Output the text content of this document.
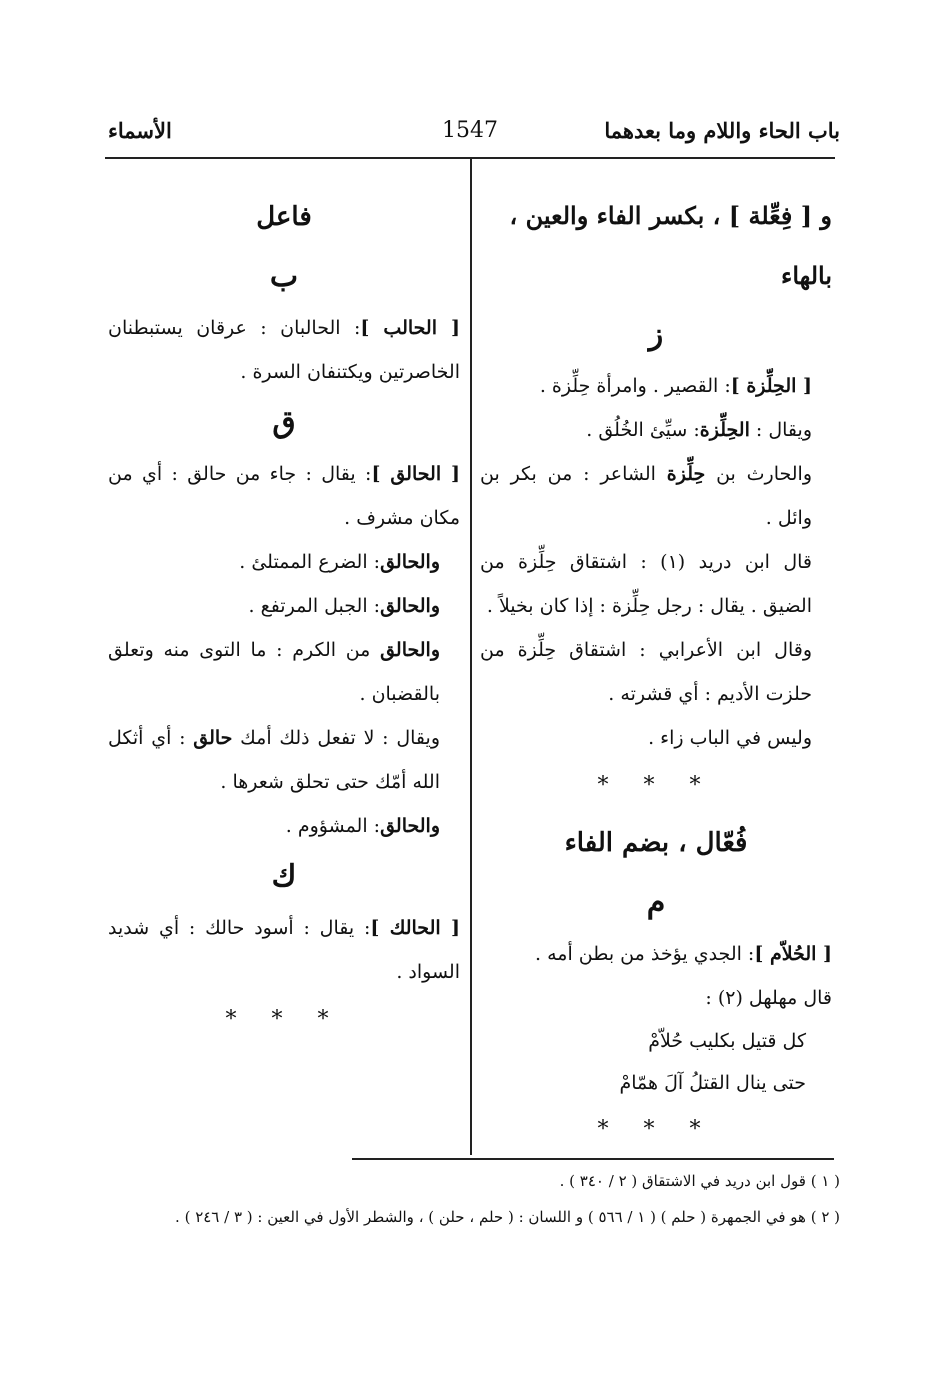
باب الحاء واللام وما بعدهما
1547
الأسماء
و [ فِعِّلة ] ، بكسر الفاء والعين ، بالهاء
ز

[ الحِلِّزة ]: القصير . وامرأة حِلِّزة .

ويقال : الحِلِّزة: سيِّئ الخُلُق .

والحارث بن حِلِّزة الشاعر : من بكر بن وائل .

قال ابن دريد (١) : اشتقاق حِلِّزة من الضيق . يقال : رجل حِلِّزة : إذا كان بخيلاً .

وقال ابن الأعرابي : اشتقاق حِلِّزة من حلزت الأديم : أي قشرته .

وليس في الباب زاء .

* * *
فُعّال ، بضم الفاء
م

[ الحُلاّم ]: الجدي يؤخذ من بطن أمه .

قال مهلهل (٢) :

كل قتيل بكليب حُلاّمْ
حتى ينال القتلُ آلَ همّامْ
* * *
فاعل
ب

[ الحالب ]: الحالبان : عرقان يستبطنان الخاصرتين ويكتنفان السرة .

ق

[ الحالق ]: يقال : جاء من حالق : أي من مكان مشرف .

والحالق: الضرع الممتلئ .

والحالق: الجبل المرتفع .

والحالق من الكرم : ما التوى منه وتعلق بالقضبان .

ويقال : لا تفعل ذلك أمك حالق : أي أثكل الله أمّك حتى تحلق شعرها .

والحالق: المشؤوم .

ك

[ الحالك ]: يقال : أسود حالك : أي شديد السواد .

* * *
( ١ ) قول ابن دريد في الاشتقاق ( ٢ / ٣٤٠ ) .
( ٢ ) هو في الجمهرة ( حلم ) ( ١ / ٥٦٦ ) و اللسان : ( حلم ، حلن ) ، والشطر الأول في العين : ( ٣ / ٢٤٦ ) .
